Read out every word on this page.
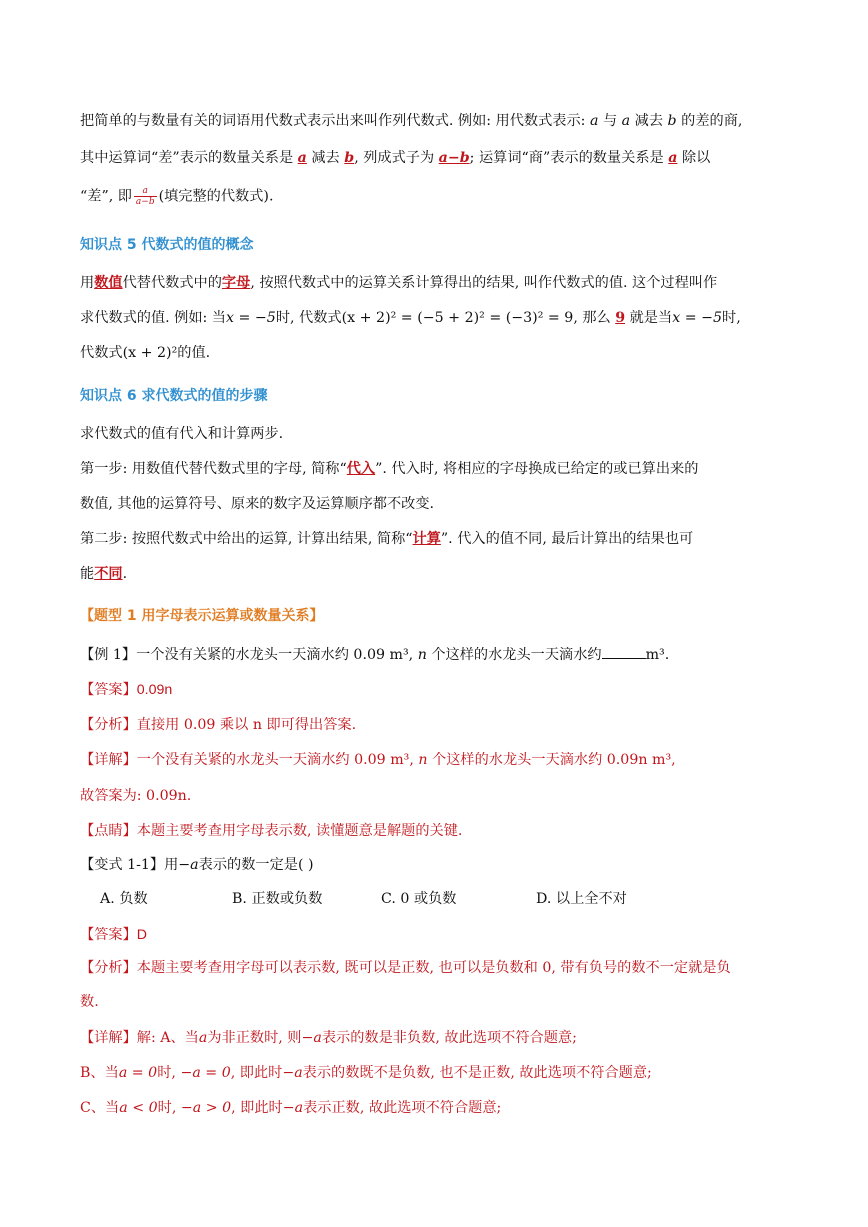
把简单的与数量有关的词语用代数式表示出来叫作列代数式. 例如: 用代数式表示: a 与 a 减去 b 的差的商,
其中运算词“差”表示的数量关系是 a 减去 b, 列成式子为 a−b; 运算词“商”表示的数量关系是 a 除以
“差”, 即 $\frac{a}{a-b}$ (填完整的代数式).
知识点 5 代数式的值的概念
用数值代替代数式中的字母, 按照代数式中的运算关系计算得出的结果, 叫作代数式的值. 这个过程叫作
求代数式的值. 例如: 当x = −5时, 代数式(x + 2)² = (−5 + 2)² = (−3)² = 9, 那么 9 就是当x = −5时,
代数式(x + 2)²的值.
知识点 6 求代数式的值的步骤
求代数式的值有代入和计算两步.
第一步: 用数值代替代数式里的字母, 简称“代入”. 代入时, 将相应的字母换成已给定的或已算出来的
数值, 其他的运算符号、原来的数字及运算顺序都不改变.
第二步: 按照代数式中给出的运算, 计算出结果, 简称“计算”. 代入的值不同, 最后计算出的结果也可
能不同.
【题型 1 用字母表示运算或数量关系】
【例 1】一个没有关紧的水龙头一天滴水约 0.09 m³, n 个这样的水龙头一天滴水约	m³.
【答案】0.09n
【分析】直接用 0.09 乘以 n 即可得出答案.
【详解】一个没有关紧的水龙头一天滴水约 0.09 m³, n 个这样的水龙头一天滴水约 0.09n m³,
故答案为: 0.09n.
【点睛】本题主要考查用字母表示数, 读懂题意是解题的关键.
【变式 1-1】用−a表示的数一定是( )
A. 负数	B. 正数或负数	C. 0 或负数	D. 以上全不对
【答案】D
【分析】本题主要考查用字母可以表示数, 既可以是正数, 也可以是负数和 0, 带有负号的数不一定就是负
数.
【详解】解: A、当a为非正数时, 则−a表示的数是非负数, 故此选项不符合题意;
B、当a = 0时, −a = 0, 即此时−a表示的数既不是负数, 也不是正数, 故此选项不符合题意;
C、当a < 0时, −a > 0, 即此时−a表示正数, 故此选项不符合题意;
